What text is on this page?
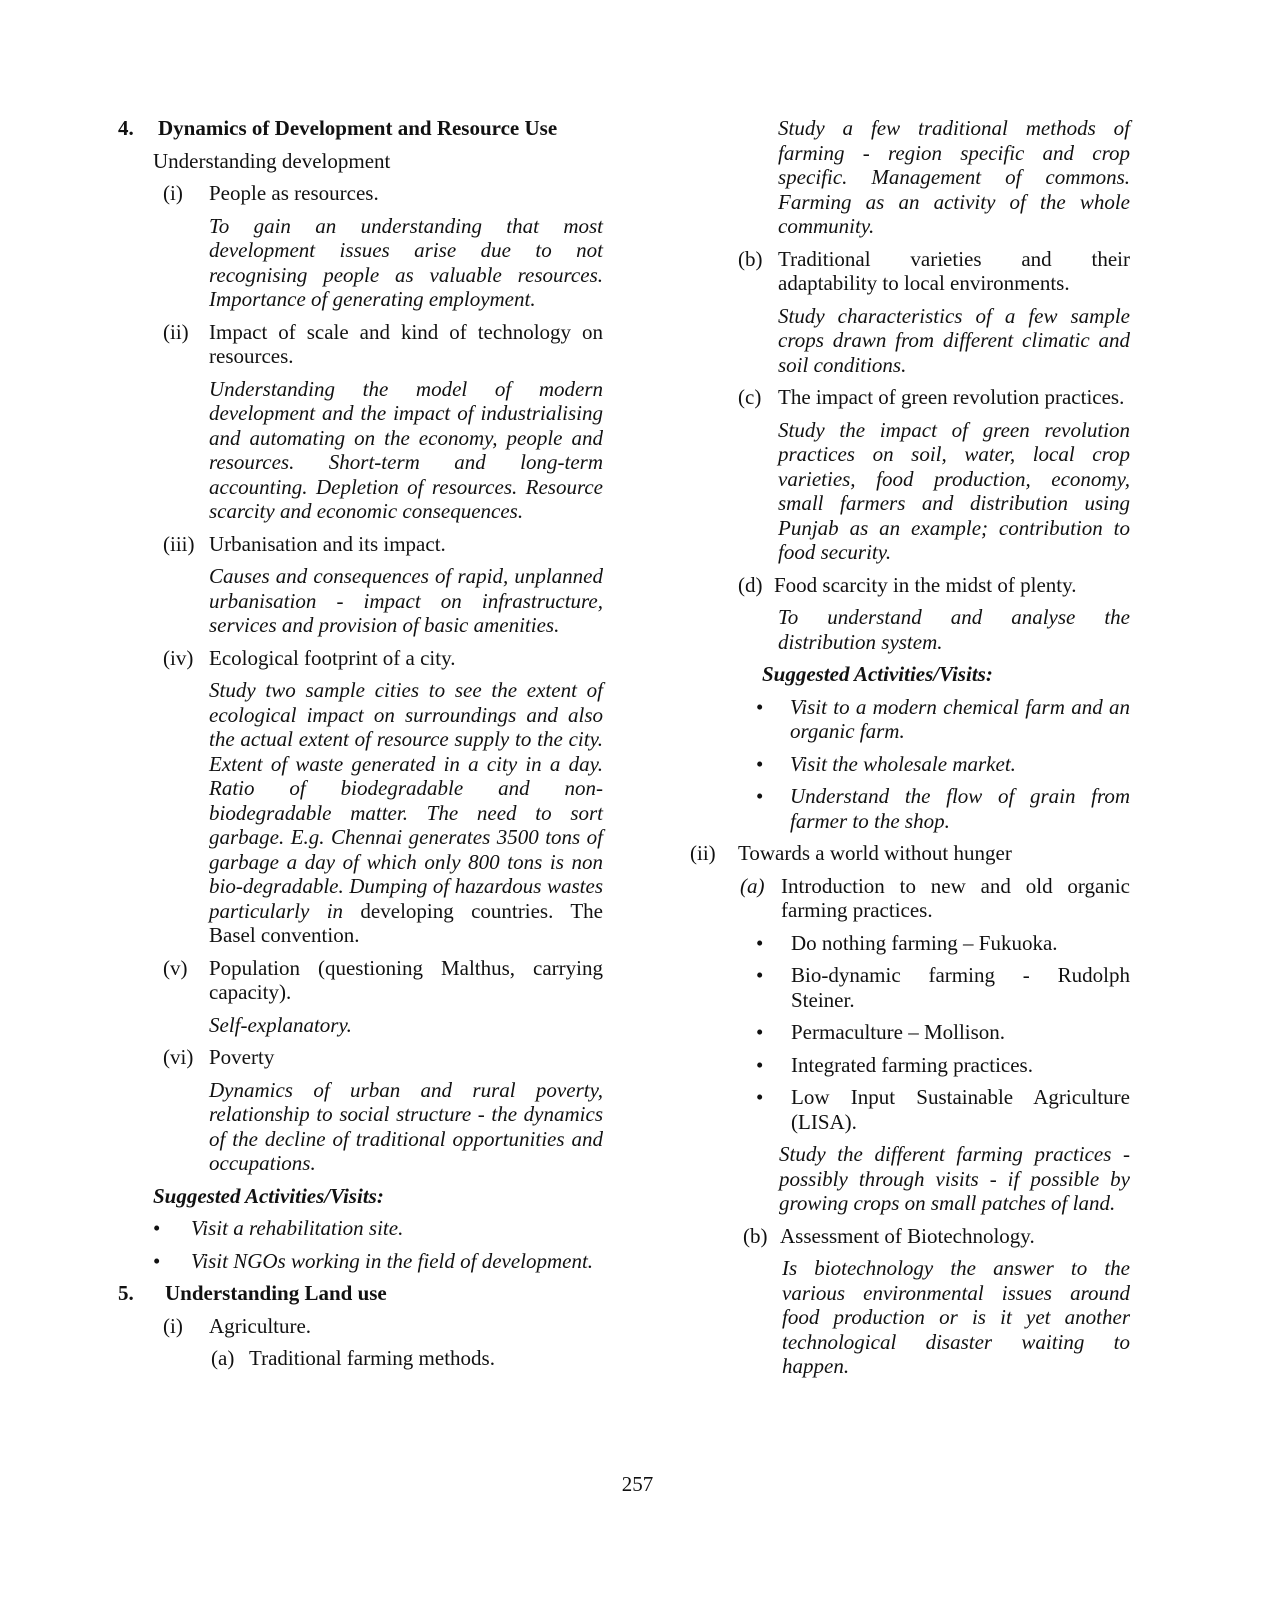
4. Dynamics of Development and Resource Use
Understanding development
(i) People as resources.
To gain an understanding that most development issues arise due to not recognising people as valuable resources. Importance of generating employment.
(ii) Impact of scale and kind of technology on resources.
Understanding the model of modern development and the impact of industrialising and automating on the economy, people and resources. Short-term and long-term accounting. Depletion of resources. Resource scarcity and economic consequences.
(iii) Urbanisation and its impact.
Causes and consequences of rapid, unplanned urbanisation - impact on infrastructure, services and provision of basic amenities.
(iv) Ecological footprint of a city.
Study two sample cities to see the extent of ecological impact on surroundings and also the actual extent of resource supply to the city. Extent of waste generated in a city in a day. Ratio of biodegradable and non-biodegradable matter. The need to sort garbage. E.g. Chennai generates 3500 tons of garbage a day of which only 800 tons is non bio-degradable. Dumping of hazardous wastes particularly in developing countries. The Basel convention.
(v) Population (questioning Malthus, carrying capacity).
Self-explanatory.
(vi) Poverty
Dynamics of urban and rural poverty, relationship to social structure - the dynamics of the decline of traditional opportunities and occupations.
Suggested Activities/Visits:
• Visit a rehabilitation site.
• Visit NGOs working in the field of development.
5. Understanding Land use
(i) Agriculture.
(a) Traditional farming methods.
Study a few traditional methods of farming - region specific and crop specific. Management of commons. Farming as an activity of the whole community.
(b) Traditional varieties and their adaptability to local environments.
Study characteristics of a few sample crops drawn from different climatic and soil conditions.
(c) The impact of green revolution practices.
Study the impact of green revolution practices on soil, water, local crop varieties, food production, economy, small farmers and distribution using Punjab as an example; contribution to food security.
(d) Food scarcity in the midst of plenty.
To understand and analyse the distribution system.
Suggested Activities/Visits:
• Visit to a modern chemical farm and an organic farm.
• Visit the wholesale market.
• Understand the flow of grain from farmer to the shop.
(ii) Towards a world without hunger
(a) Introduction to new and old organic farming practices.
• Do nothing farming – Fukuoka.
• Bio-dynamic farming - Rudolph Steiner.
• Permaculture – Mollison.
• Integrated farming practices.
• Low Input Sustainable Agriculture (LISA).
Study the different farming practices - possibly through visits - if possible by growing crops on small patches of land.
(b) Assessment of Biotechnology.
Is biotechnology the answer to the various environmental issues around food production or is it yet another technological disaster waiting to happen.
257
